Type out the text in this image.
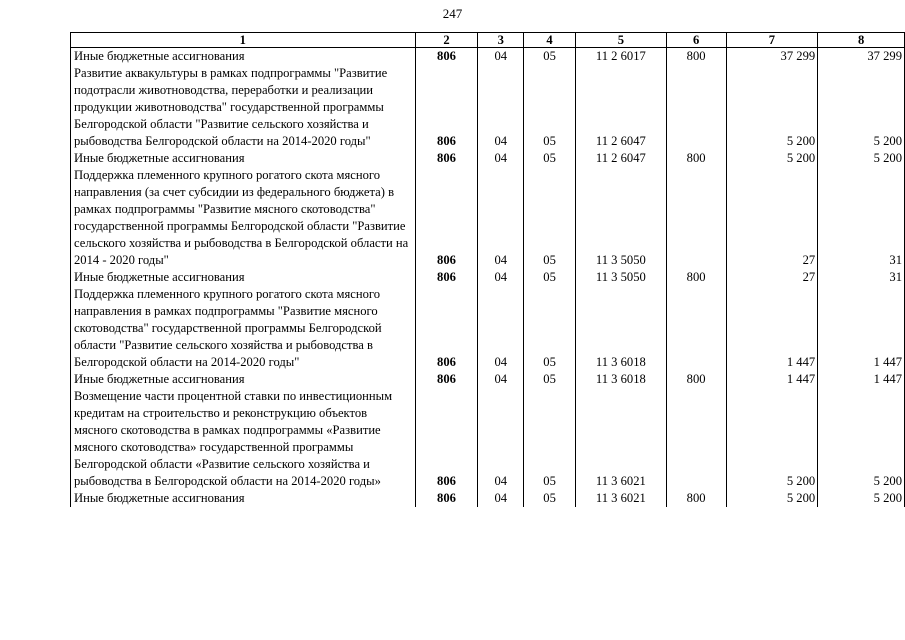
247
1	2	3	4	5	6	7	8
Иные бюджетные ассигнования	806	04	05	11 2 6017	800	37 299	37 299
Развитие аквакультуры в рамках подпрограммы "Развитие подотрасли животноводства, переработки и реализации продукции животноводства" государственной программы Белгородской области "Развитие сельского хозяйства и рыбоводства Белгородской области на 2014-2020 годы"	806	04	05	11 2 6047		5 200	5 200
Иные бюджетные ассигнования	806	04	05	11 2 6047	800	5 200	5 200
Поддержка племенного крупного рогатого скота мясного направления (за счет субсидии из федерального бюджета) в рамках подпрограммы "Развитие мясного скотоводства" государственной программы Белгородской области "Развитие сельского хозяйства и рыбоводства в Белгородской области на 2014 - 2020 годы"	806	04	05	11 3 5050		27	31
Иные бюджетные ассигнования	806	04	05	11 3 5050	800	27	31
Поддержка племенного крупного рогатого скота мясного направления в рамках подпрограммы "Развитие мясного скотоводства" государственной программы Белгородской области "Развитие сельского хозяйства и рыбоводства в Белгородской области на 2014-2020 годы"	806	04	05	11 3 6018		1 447	1 447
Иные бюджетные ассигнования	806	04	05	11 3 6018	800	1 447	1 447
Возмещение части процентной ставки по инвестиционным кредитам на строительство и реконструкцию объектов мясного скотоводства в рамках подпрограммы «Развитие мясного скотоводства» государственной программы Белгородской области «Развитие сельского хозяйства и рыбоводства в Белгородской области на 2014-2020 годы»	806	04	05	11 3 6021		5 200	5 200
Иные бюджетные ассигнования	806	04	05	11 3 6021	800	5 200	5 200
